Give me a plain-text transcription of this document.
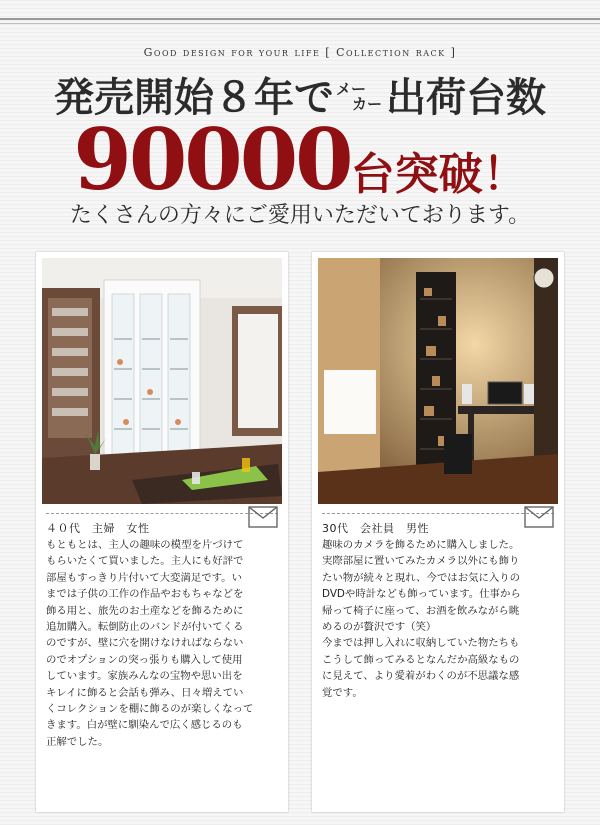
Good design for your life [ Collection rack ]
発売開始８年で メー
カー 出荷台数
90000台突破！
たくさんの方々にご愛用いただいております。
４０代　主婦　女性

もともとは、主人の趣味の模型を片づけて

もらいたくて買いました。主人にも好評で

部屋もすっきり片付いて大変満足です。い

までは子供の工作の作品やおもちゃなどを

飾る用と、旅先のお土産などを飾るために

追加購入。転倒防止のバンドが付いてくる

のですが、壁に穴を開けなければならない

のでオプションの突っ張りも購入して使用

しています。家族みんなの宝物や思い出を

キレイに飾ると会話も弾み、日々増えてい

くコレクションを棚に飾るのが楽しくなって

きます。白が壁に馴染んで広く感じるのも

正解でした。

30代　会社員　男性

趣味のカメラを飾るために購入しました。

実際部屋に置いてみたカメラ以外にも飾り

たい物が続々と現れ、今ではお気に入りの

DVDや時計なども飾っています。仕事から

帰って椅子に座って、お酒を飲みながら眺

めるのが贅沢です（笑）

今までは押し入れに収納していた物たちも

こうして飾ってみるとなんだか高級なもの

に見えて、より愛着がわくのが不思議な感

覚です。
